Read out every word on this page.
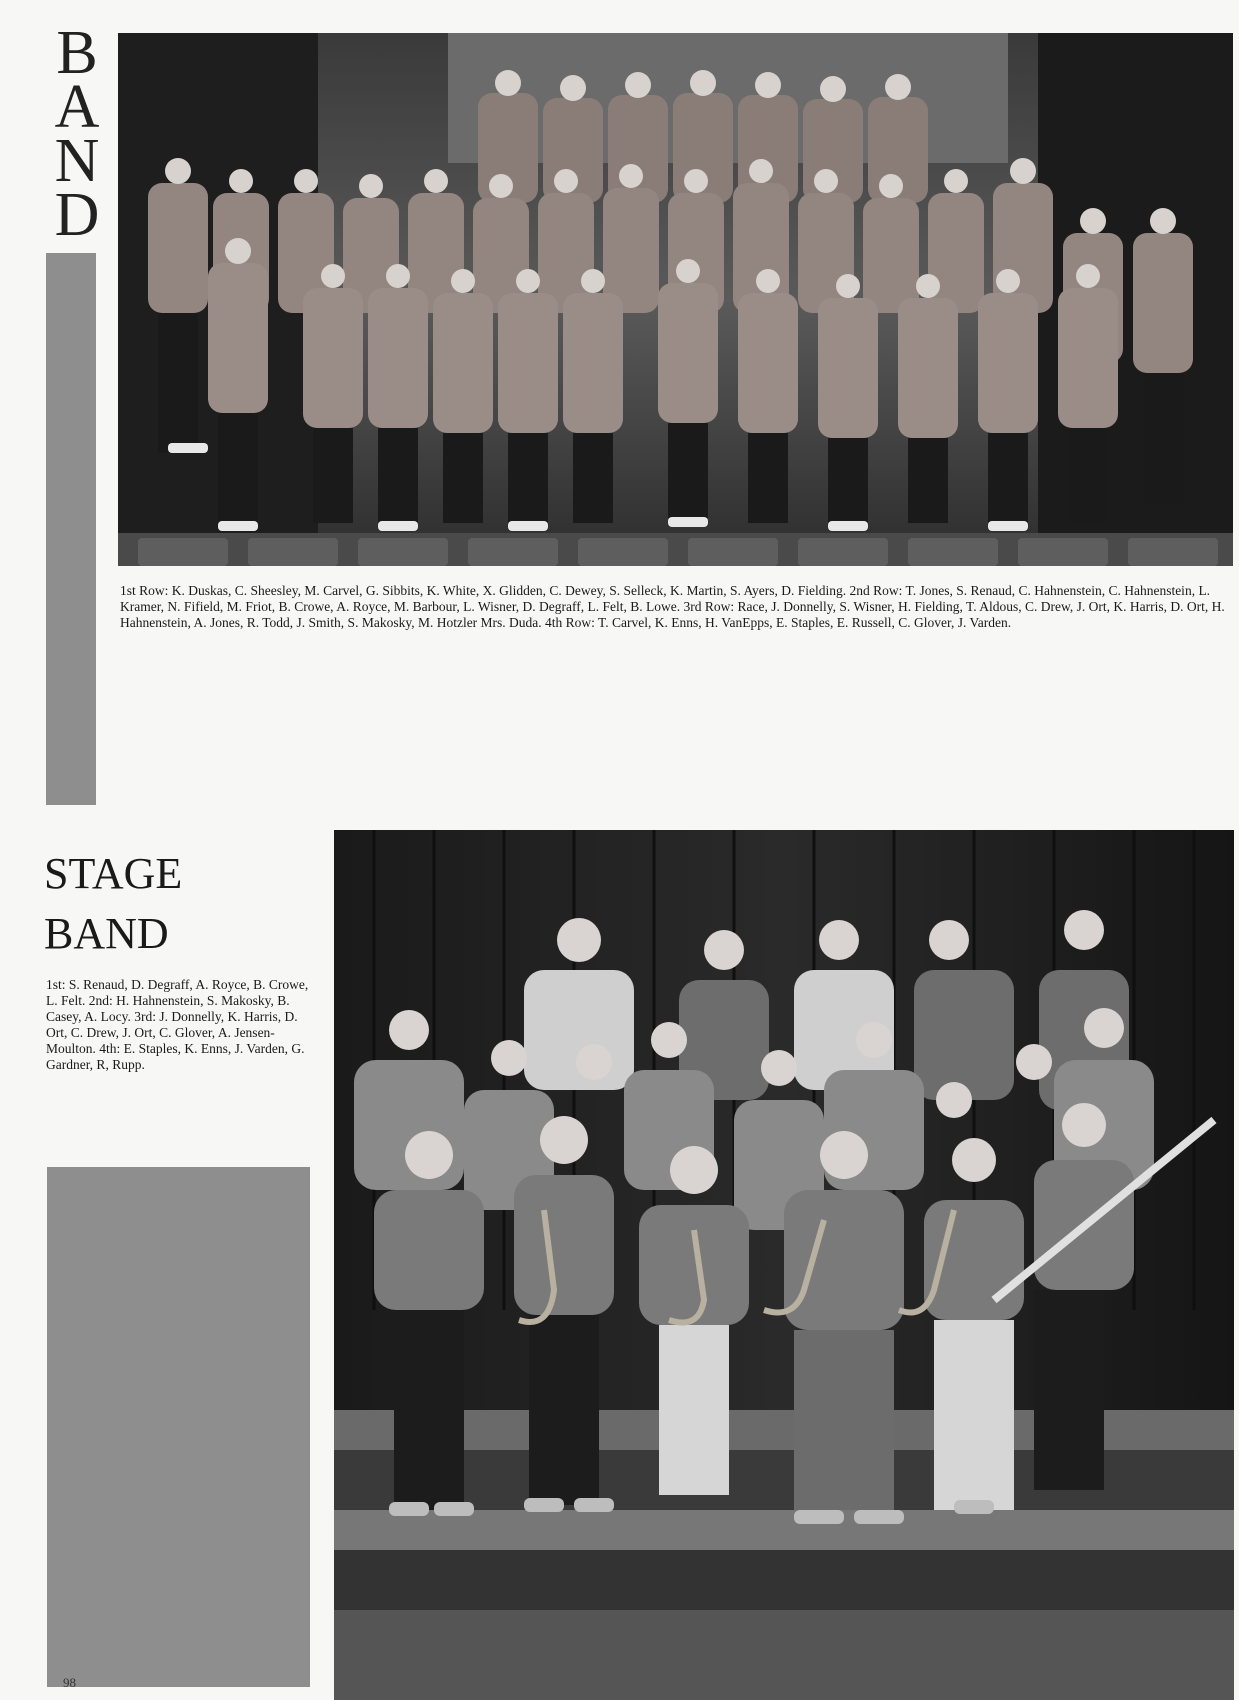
B
A
N
D
1st Row: K. Duskas, C. Sheesley, M. Carvel, G. Sibbits, K. White, X. Glidden, C. Dewey, S. Selleck, K. Martin, S. Ayers, D. Fielding. 2nd Row: T. Jones, S. Renaud, C. Hahnenstein, C. Hahnenstein, L. Kramer, N. Fifield, M. Friot, B. Crowe, A. Royce, M. Barbour, L. Wisner, D. Degraff, L. Felt, B. Lowe. 3rd Row: Race, J. Donnelly, S. Wisner, H. Fielding, T. Aldous, C. Drew, J. Ort, K. Harris, D. Ort, H. Hahnenstein, A. Jones, R. Todd, J. Smith, S. Makosky, M. Hotzler Mrs. Duda. 4th Row: T. Carvel, K. Enns, H. VanEpps, E. Staples, E. Russell, C. Glover, J. Varden.
STAGE
BAND
1st: S. Renaud, D. Degraff, A. Royce, B. Crowe, L. Felt. 2nd: H. Hahnenstein, S. Makosky, B. Casey, A. Locy. 3rd: J. Donnelly, K. Harris, D. Ort, C. Drew, J. Ort, C. Glover, A. Jensen-Moulton. 4th: E. Staples, K. Enns, J. Varden, G. Gardner, R, Rupp.
98
